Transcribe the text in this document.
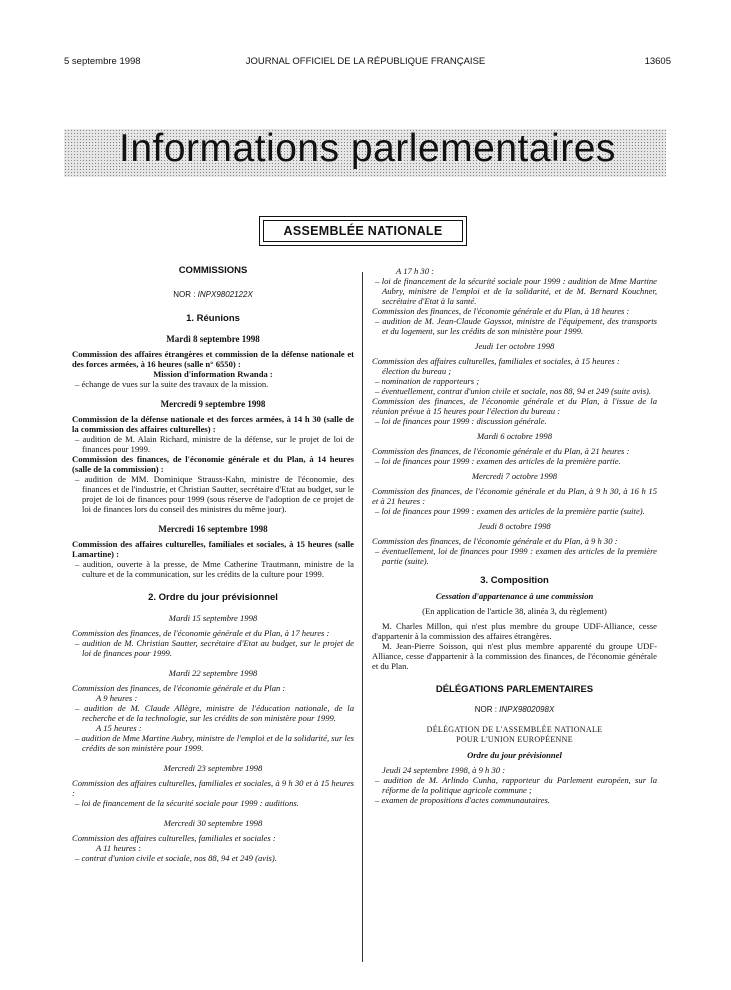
5 septembre 1998	JOURNAL OFFICIEL DE LA RÉPUBLIQUE FRANÇAISE	13605
Informations parlementaires
ASSEMBLÉE NATIONALE
COMMISSIONS
NOR : INPX9802122X
1. Réunions
Mardi 8 septembre 1998
Commission des affaires étrangères et commission de la défense nationale et des forces armées, à 16 heures (salle n° 6550) :
Mission d'information Rwanda :
– échange de vues sur la suite des travaux de la mission.
Mercredi 9 septembre 1998
Commission de la défense nationale et des forces armées, à 14 h 30 (salle de la commission des affaires culturelles) :
– audition de M. Alain Richard, ministre de la défense, sur le projet de loi de finances pour 1999.
Commission des finances, de l'économie générale et du Plan, à 14 heures (salle de la commission) :
– audition de MM. Dominique Strauss-Kahn, ministre de l'économie, des finances et de l'industrie, et Christian Sautter, secrétaire d'Etat au budget, sur le projet de loi de finances pour 1999 (sous réserve de l'adoption de ce projet de loi de finances lors du conseil des ministres du même jour).
Mercredi 16 septembre 1998
Commission des affaires culturelles, familiales et sociales, à 15 heures (salle Lamartine) :
– audition, ouverte à la presse, de Mme Catherine Trautmann, ministre de la culture et de la communication, sur les crédits de la culture pour 1999.
2. Ordre du jour prévisionnel
Mardi 15 septembre 1998
Commission des finances, de l'économie générale et du Plan, à 17 heures :
– audition de M. Christian Sautter, secrétaire d'Etat au budget, sur le projet de loi de finances pour 1999.
Mardi 22 septembre 1998
Commission des finances, de l'économie générale et du Plan :
A 9 heures :
– audition de M. Claude Allègre, ministre de l'éducation nationale, de la recherche et de la technologie, sur les crédits de son ministère pour 1999.
A 15 heures :
– audition de Mme Martine Aubry, ministre de l'emploi et de la solidarité, sur les crédits de son ministère pour 1999.
Mercredi 23 septembre 1998
Commission des affaires culturelles, familiales et sociales, à 9 h 30 et à 15 heures :
– loi de financement de la sécurité sociale pour 1999 : auditions.
Mercredi 30 septembre 1998
Commission des affaires culturelles, familiales et sociales :
A 11 heures :
– contrat d'union civile et sociale, nos 88, 94 et 249 (avis).
A 17 h 30 :
– loi de financement de la sécurité sociale pour 1999 : audition de Mme Martine Aubry, ministre de l'emploi et de la solidarité, et de M. Bernard Kouchner, secrétaire d'Etat à la santé.
Commission des finances, de l'économie générale et du Plan, à 18 heures :
– audition de M. Jean-Claude Gayssot, ministre de l'équipement, des transports et du logement, sur les crédits de son ministère pour 1999.
Jeudi 1er octobre 1998
Commission des affaires culturelles, familiales et sociales, à 15 heures :
élection du bureau ;
– nomination de rapporteurs ;
– éventuellement, contrat d'union civile et sociale, nos 88, 94 et 249 (suite avis).
Commission des finances, de l'économie générale et du Plan, à l'issue de la réunion prévue à 15 heures pour l'élection du bureau :
– loi de finances pour 1999 : discussion générale.
Mardi 6 octobre 1998
Commission des finances, de l'économie générale et du Plan, à 21 heures :
– loi de finances pour 1999 : examen des articles de la première partie.
Mercredi 7 octobre 1998
Commission des finances, de l'économie générale et du Plan, à 9 h 30, à 16 h 15 et à 21 heures :
– loi de finances pour 1999 : examen des articles de la première partie (suite).
Jeudi 8 octobre 1998
Commission des finances, de l'économie générale et du Plan, à 9 h 30 :
– éventuellement, loi de finances pour 1999 : examen des articles de la première partie (suite).
3. Composition
Cessation d'appartenance à une commission
(En application de l'article 38, alinéa 3, du règlement)
M. Charles Millon, qui n'est plus membre du groupe UDF-Alliance, cesse d'appartenir à la commission des affaires étrangères.
M. Jean-Pierre Soisson, qui n'est plus membre apparenté du groupe UDF-Alliance, cesse d'appartenir à la commission des finances, de l'économie générale et du Plan.
DÉLÉGATIONS PARLEMENTAIRES
NOR : INPX9802098X
DÉLÉGATION DE L'ASSEMBLÉE NATIONALE
POUR L'UNION EUROPÉENNE
Ordre du jour prévisionnel
Jeudi 24 septembre 1998, à 9 h 30 :
– audition de M. Arlindo Cunha, rapporteur du Parlement européen, sur la réforme de la politique agricole commune ;
– examen de propositions d'actes communautaires.
